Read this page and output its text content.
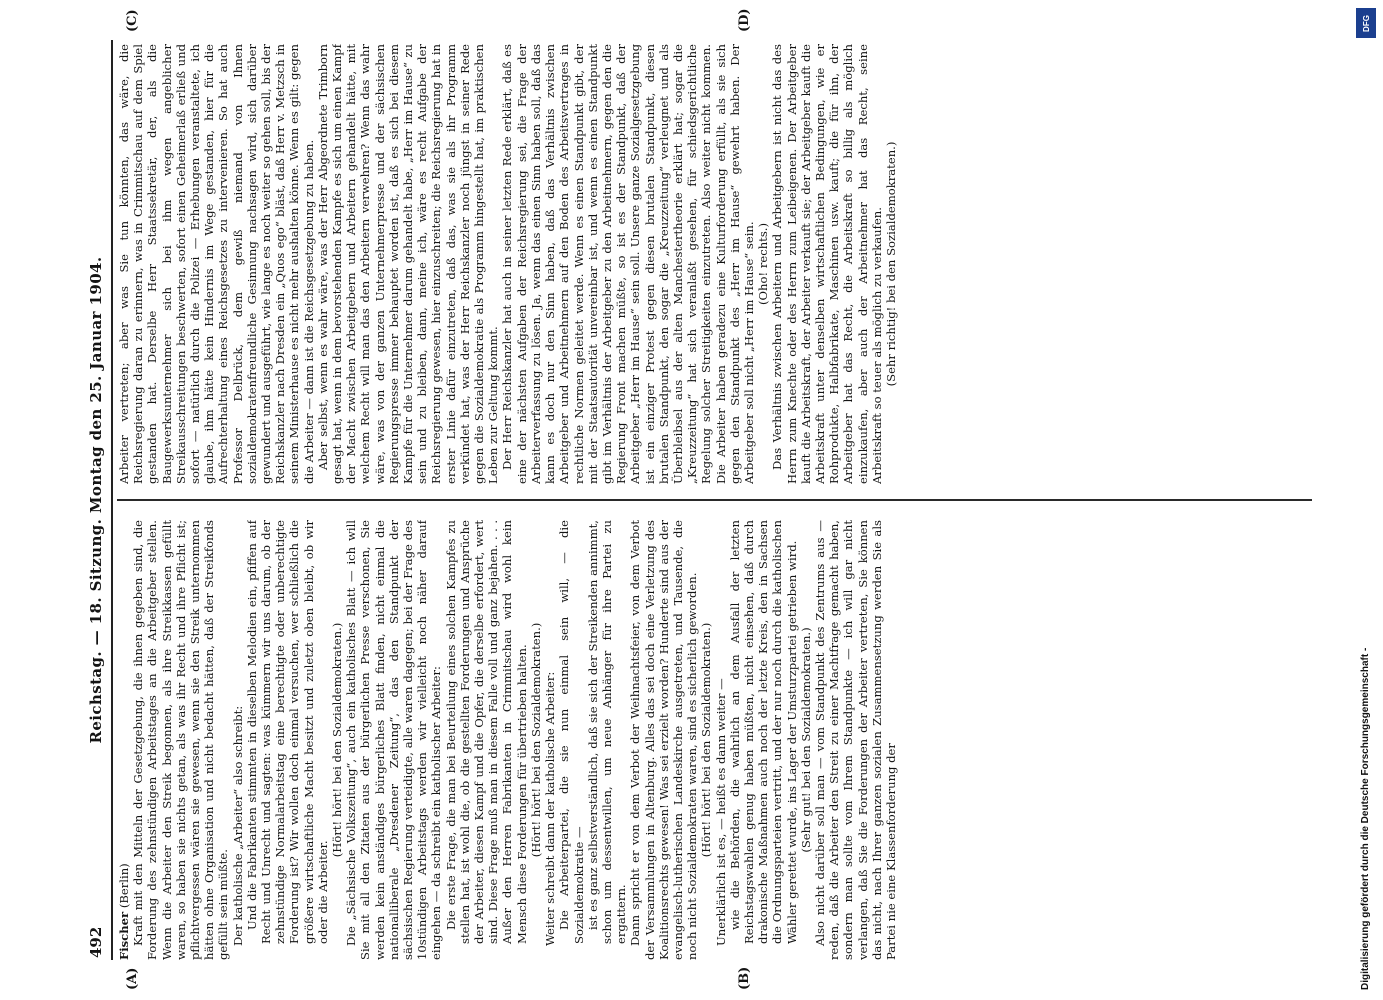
492
Reichstag. — 18. Sitzung. Montag den 25. Januar 1904.
(A)	(B)
(C)	(D)

Fischer (Berlin) Kraft mit den Mitteln der Gesetzgebung, die ihnen gegeben sind, die Forderung des zehnstündigen Arbeitstages an die Arbeitgeber stellen. Wenn die Arbeiter den Streik begonnen, als ihre Streikkassen gefüllt waren, so haben sie nichts getan, als was ihr Recht und ihre Pflicht ist; pflichtvergessen wären sie gewesen, wenn sie den Streik unternommen hätten ohne Organisation und nicht bedacht hätten, daß der Streikfonds gefüllt sein müßte. Der katholische „Arbeiter“ also schreibt: Und die Fabrikanten stimmten in dieselben Melodien ein, pfiffen auf Recht und Unrecht und sagten: was kümmern wir uns darum, ob der zehnstündige Normalarbeitstag eine berechtigte oder unberechtigte Forderung ist? Wir wollen doch einmal versuchen, wer schließlich die größere wirtschaftliche Macht besitzt und zuletzt oben bleibt, ob wir oder die Arbeiter.

(Hört! hört! bei den Sozialdemokraten.) Die „Sächsische Volkszeitung“, auch ein katholisches Blatt — ich will Sie mit all den Zitaten aus der bürgerlichen Presse verschonen, Sie werden kein anständiges bürgerliches Blatt finden, nicht einmal die nationalliberale „Dresdener Zeitung“, das den Standpunkt der sächsischen Regierung verteidigte, alle waren dagegen; bei der Frage des 10stündigen Arbeitstags werden wir vielleicht noch näher darauf eingehen — da schreibt ein katholischer Arbeiter: Die erste Frage, die man bei Beurteilung eines solchen Kampfes zu stellen hat, ist wohl die, ob die gestellten Forderungen und Ansprüche der Arbeiter, diesen Kampf und die Opfer, die derselbe erfordert, wert sind. Diese Frage muß man in diesem Falle voll und ganz bejahen. . . . Außer den Herren Fabrikanten in Crimmitschau wird wohl kein Mensch diese Forderungen für übertrieben halten. (Hört! hört! bei den Sozialdemokraten.) Weiter schreibt dann der katholische Arbeiter: Die Arbeiterpartei, die sie nun einmal sein will, — die Sozialdemokratie — ist es ganz selbstverständlich, daß sie sich der Streikenden annimmt, schon um dessentwillen, um neue Anhänger für ihre Partei zu ergattern. Dann spricht er von dem Verbot der Weihnachtsfeier, von dem Verbot der Versammlungen in Altenburg. Alles das sei doch eine Verletzung des Koalitionsrechts gewesen! Was sei erzielt worden? Hunderte sind aus der evangelisch-lutherischen Landeskirche ausgetreten, und Tausende, die noch nicht Sozialdemokraten waren, sind es sicherlich geworden. (Hört! hört! bei den Sozialdemokraten.) Unerklärlich ist es, — heißt es dann weiter — wie die Behörden, die wahrlich an dem Ausfall der letzten Reichstagswahlen genug haben müßten, nicht einsehen, daß durch drakonische Maßnahmen auch noch der letzte Kreis, den in Sachsen die Ordnungsparteien vertritt, und der nur noch durch die katholischen Wähler gerettet wurde, ins Lager der Umsturzpartei getrieben wird. (Sehr gut! bei den Sozialdemokraten.) Also nicht darüber soll man — vom Standpunkt des Zentrums aus — reden, daß die Arbeiter den Streit zu einer Machtfrage gemacht haben, sondern man sollte vom Ihrem Standpunkte — ich will gar nicht verlangen, daß Sie die Forderungen der Arbeiter vertreten, Sie können das nicht, nach Ihrer ganzen sozialen Zusammensetzung werden Sie als Partei nie eine Klassenforderung der

Arbeiter vertreten; aber was Sie tun könnten, das wäre, die Reichsregierung daran zu erinnern, was in Crimmitschau auf dem Spiel gestanden hat. Derselbe Herr Staatssekretär, der, als die Baugewerksunternehmer sich bei ihm wegen angeblicher Streikausschreitungen beschwerten, sofort einen Geheimerlaß erließ und sofort — natürlich durch die Polizei — Erhebungen veranstaltete, ich glaube, ihm hätte kein Hindernis im Wege gestanden, hier für die Aufrechterhaltung eines Reichsgesetzes zu intervenieren. So hat auch Professor Delbrück, dem gewiß niemand von Ihnen sozialdemokratenfreundliche Gesinnung nachsagen wird, sich darüber gewundert und ausgeführt, wie lange es noch weiter so gehen soll, bis der Reichskanzler nach Dresden ein „Quos ego“ bläst, daß Herr v. Metzsch in seinem Ministerhause es nicht mehr aushalten könne. Wenn es gilt: gegen die Arbeiter — dann ist die Reichsgesetzgebung zu haben. Aber selbst, wenn es wahr wäre, was der Herr Abgeordnete Trimborn gesagt hat, wenn in dem bevorstehenden Kampfe es sich um einen Kampf der Macht zwischen Arbeitgebern und Arbeitern gehandelt hätte, mit welchem Recht will man das den Arbeitern verwehren? Wenn das wahr wäre, was von der ganzen Unternehmerpresse und der sächsischen Regierungspresse immer behauptet worden ist, daß es sich bei diesem Kampfe für die Unternehmer darum gehandelt habe, „Herr im Hause“ zu sein und zu bleiben, dann, meine ich, wäre es recht Aufgabe der Reichsregierung gewesen, hier einzuschreiten; die Reichsregierung hat in erster Linie dafür einzutreten, daß das, was sie als ihr Programm verkündet hat, was der Herr Reichskanzler noch jüngst in seiner Rede gegen die Sozialdemokratie als Programm hingestellt hat, im praktischen Leben zur Geltung kommt. Der Herr Reichskanzler hat auch in seiner letzten Rede erklärt, daß es eine der nächsten Aufgaben der Reichsregierung sei, die Frage der Arbeiterverfassung zu lösen. Ja, wenn das einen Sinn haben soll, daß das kann es doch nur den Sinn haben, daß das Verhältnis zwischen Arbeitgeber und Arbeitnehmern auf den Boden des Arbeitsvertrages in rechtliche Normen geleitet werde. Wenn es einen Standpunkt gibt, der mit der Staatsautorität unvereinbar ist, und wenn es einen Standpunkt gibt im Verhältnis der Arbeitgeber zu den Arbeitnehmern, gegen den die Regierung Front machen müßte, so ist es der Standpunkt, daß der Arbeitgeber „Herr im Hause“ sein soll. Unsere ganze Sozialgesetzgebung ist ein einziger Protest gegen diesen brutalen Standpunkt, diesen brutalen Standpunkt, den sogar die „Kreuzzeitung“ verleugnet und als Überbleibsel aus der alten Manchestertheorie erklärt hat; sogar die „Kreuzzeitung“ hat sich veranlaßt gesehen, für schiedsgerichtliche Regelung solcher Streitigkeiten einzutreten. Also weiter nicht kommen. Die Arbeiter haben geradezu eine Kulturforderung erfüllt, als sie sich gegen den Standpunkt des „Herr im Hause“ gewehrt haben. Der Arbeitgeber soll nicht „Herr im Hause“ sein. (Oho! rechts.) Das Verhältnis zwischen Arbeitern und Arbeitgebern ist nicht das des Herrn zum Knechte oder des Herrn zum Leibeigenen. Der Arbeitgeber kauft die Arbeitskraft, der Arbeiter verkauft sie; der Arbeitgeber kauft die Arbeitskraft unter denselben wirtschaftlichen Bedingungen, wie er Rohprodukte, Halbfabrikate, Maschinen usw. kauft; die für ihn, der Arbeitgeber hat das Recht, die Arbeitskraft so billig als möglich einzukaufen, aber auch der Arbeitnehmer hat das Recht, seine Arbeitskraft so teuer als möglich zu verkaufen. (Sehr richtig! bei den Sozialdemokraten.)

Digitalisierung gefördert durch die Deutsche Forschungsgemeinschaft -
DFG
